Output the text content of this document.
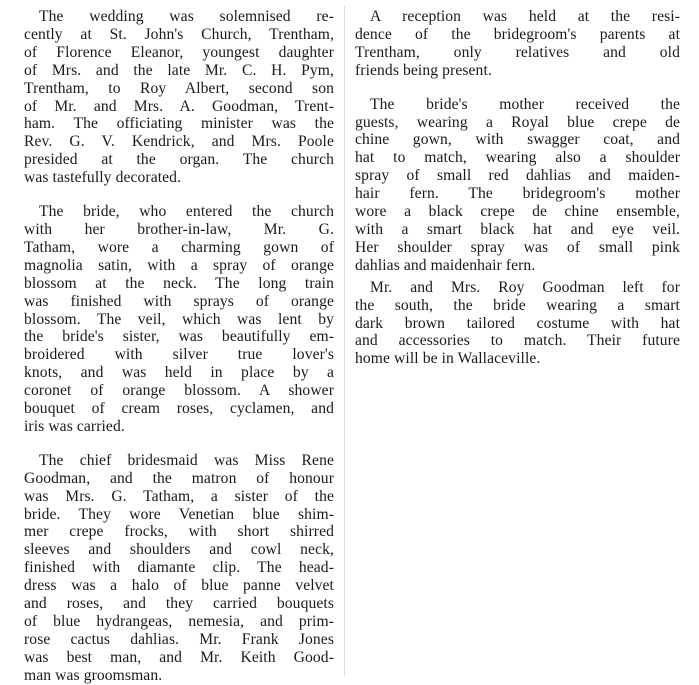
The wedding was solemnised re-
cently at St. John's Church, Trentham,
of Florence Eleanor, youngest daughter
of Mrs. and the late Mr. C. H. Pym,
Trentham, to Roy Albert, second son
of Mr. and Mrs. A. Goodman, Trent-
ham. The officiating minister was the
Rev. G. V. Kendrick, and Mrs. Poole
presided at the organ. The church
was tastefully decorated.
The bride, who entered the church
with her brother-in-law, Mr. G.
Tatham, wore a charming gown of
magnolia satin, with a spray of orange
blossom at the neck. The long train
was finished with sprays of orange
blossom. The veil, which was lent by
the bride's sister, was beautifully em-
broidered with silver true lover's
knots, and was held in place by a
coronet of orange blossom. A shower
bouquet of cream roses, cyclamen, and
iris was carried.
The chief bridesmaid was Miss Rene
Goodman, and the matron of honour
was Mrs. G. Tatham, a sister of the
bride. They wore Venetian blue shim-
mer crepe frocks, with short shirred
sleeves and shoulders and cowl neck,
finished with diamante clip. The head-
dress was a halo of blue panne velvet
and roses, and they carried bouquets
of blue hydrangeas, nemesia, and prim-
rose cactus dahlias. Mr. Frank Jones
was best man, and Mr. Keith Good-
man was groomsman.
A reception was held at the resi-
dence of the bridegroom's parents at
Trentham, only relatives and old
friends being present.
The bride's mother received the
guests, wearing a Royal blue crepe de
chine gown, with swagger coat, and
hat to match, wearing also a shoulder
spray of small red dahlias and maiden-
hair fern. The bridegroom's mother
wore a black crepe de chine ensemble,
with a smart black hat and eye veil.
Her shoulder spray was of small pink
dahlias and maidenhair fern.
Mr. and Mrs. Roy Goodman left for
the south, the bride wearing a smart
dark brown tailored costume with hat
and accessories to match. Their future
home will be in Wallaceville.
